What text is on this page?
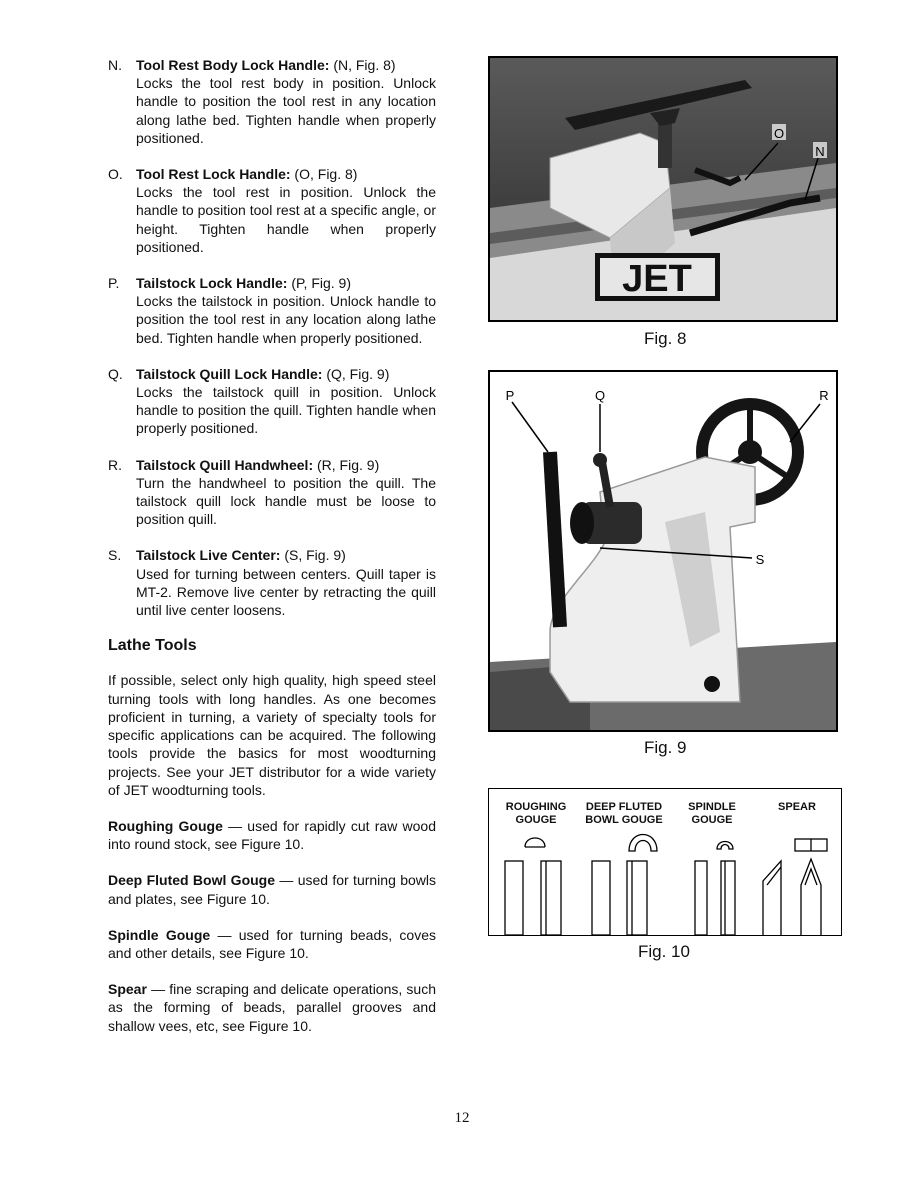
N.	Tool Rest Body Lock Handle: (N, Fig. 8)
Locks the tool rest body in position. Unlock handle to position the tool rest in any location along lathe bed. Tighten handle when properly positioned.
O. Tool Rest Lock Handle: (O, Fig. 8)
Locks the tool rest in position. Unlock the handle to position tool rest at a specific angle, or height. Tighten handle when properly positioned.
P.	Tailstock Lock Handle: (P, Fig. 9)
Locks the tailstock in position. Unlock handle to position the tool rest in any location along lathe bed. Tighten handle when properly positioned.
Q. Tailstock Quill Lock Handle: (Q, Fig. 9)
Locks the tailstock quill in position. Unlock handle to position the quill. Tighten handle when properly positioned.
R.	Tailstock Quill Handwheel: (R, Fig. 9)
Turn the handwheel to position the quill. The tailstock quill lock handle must be loose to position quill.
S.	Tailstock Live Center: (S, Fig. 9)
Used for turning between centers. Quill taper is MT-2. Remove live center by retracting the quill until live center loosens.
Lathe Tools

If possible, select only high quality, high speed steel turning tools with long handles. As one becomes proficient in turning, a variety of specialty tools for specific applications can be acquired. The following tools provide the basics for most woodturning projects. See your JET distributor for a wide variety of JET woodturning tools.

Roughing Gouge — used for rapidly cut raw wood into round stock, see Figure 10.

Deep Fluted Bowl Gouge — used for turning bowls and plates, see Figure 10.

Spindle Gouge — used for turning beads, coves and other details, see Figure 10.

Spear — fine scraping and delicate operations, such as the forming of beads, parallel grooves and shallow vees, etc, see Figure 10.

JET
O
N
Fig. 8
P	Q	R
S
Fig. 9
ROUGHING
GOUGE
DEEP FLUTED
BOWL GOUGE
SPINDLE
GOUGE
SPEAR
Fig. 10
12
